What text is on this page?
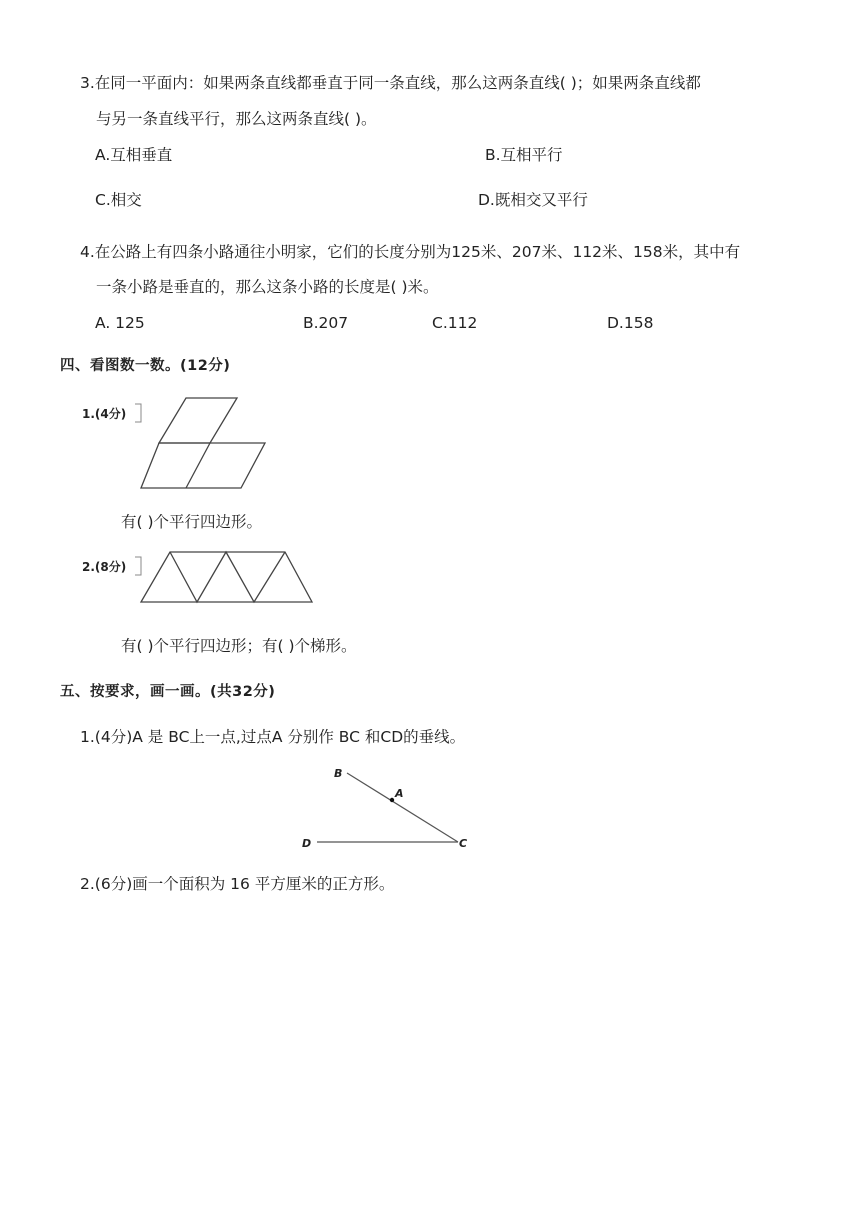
3.在同一平面内：如果两条直线都垂直于同一条直线，那么这两条直线( )；如果两条直线都
与另一条直线平行，那么这两条直线( )。
A.互相垂直	B.互相平行
C.相交	D.既相交又平行
4.在公路上有四条小路通往小明家，它们的长度分别为125米、207米、112米、158米，其中有
一条小路是垂直的，那么这条小路的长度是( )米。
A. 125	B.207	C.112	D.158
四、看图数一数。(12分)
1.(4分)
有( )个平行四边形。
2.(8分)
有( )个平行四边形；有( )个梯形。
五、按要求，画一画。(共32分)
1.(4分)A 是 BC上一点,过点A 分别作 BC 和CD的垂线。
B
A
C
D
2.(6分)画一个面积为 16 平方厘米的正方形。
